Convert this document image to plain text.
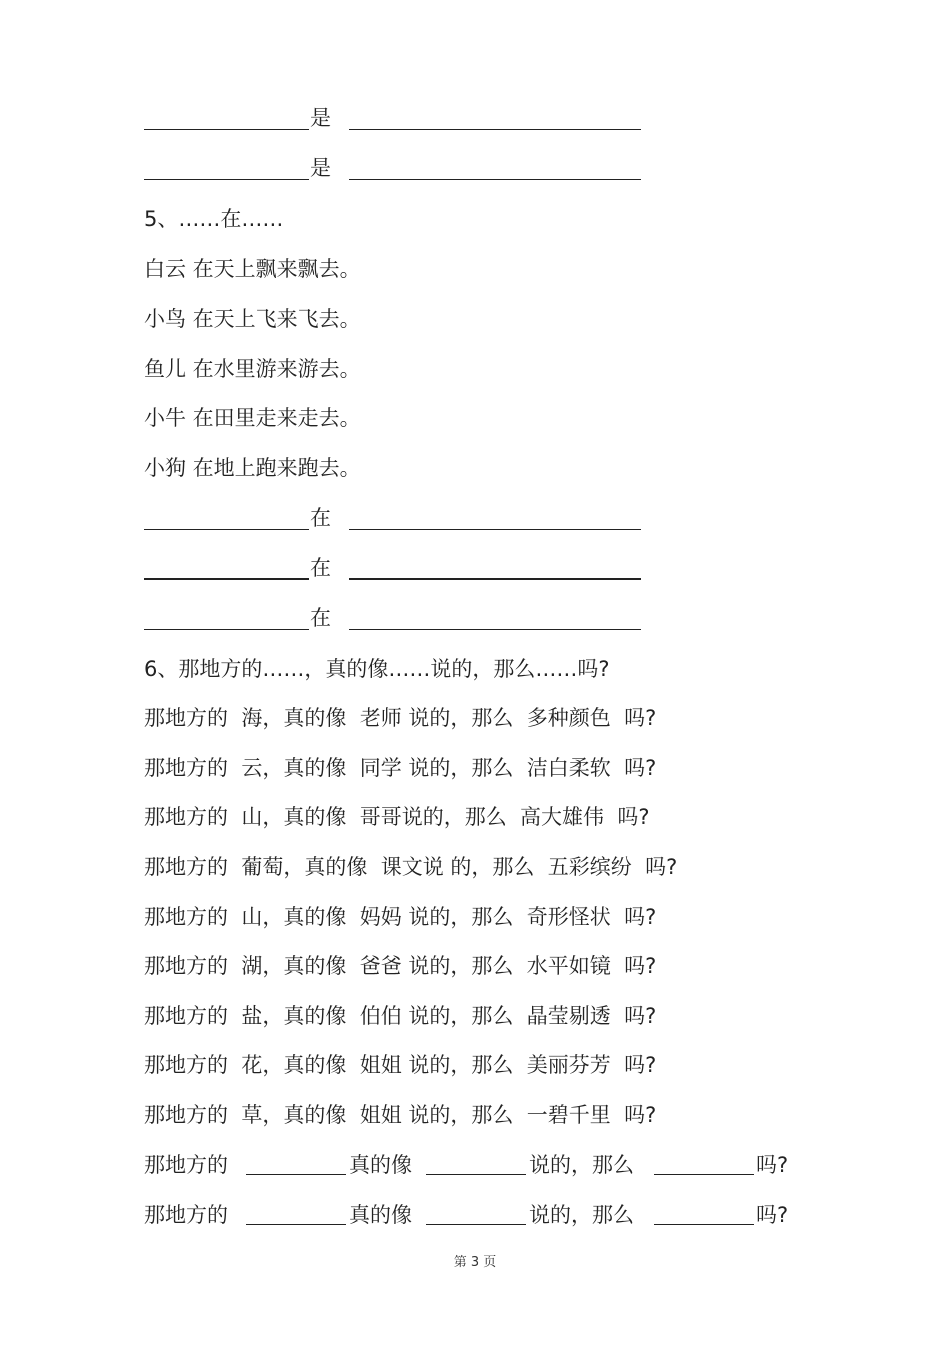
是
是
5、……在……
白云 在天上飘来飘去。
小鸟 在天上飞来飞去。
鱼儿 在水里游来游去。
小牛 在田里走来走去。
小狗 在地上跑来跑去。
在
在
在
6、那地方的……，真的像……说的，那么……吗?
那地方的  海，真的像  老师 说的，那么  多种颜色  吗?
那地方的  云，真的像  同学 说的，那么  洁白柔软  吗?
那地方的  山，真的像  哥哥说的，那么  高大雄伟  吗?
那地方的  葡萄，真的像  课文说 的，那么  五彩缤纷  吗?
那地方的  山，真的像  妈妈 说的，那么  奇形怪状  吗?
那地方的  湖，真的像  爸爸 说的，那么  水平如镜  吗?
那地方的  盐，真的像  伯伯 说的，那么  晶莹剔透  吗?
那地方的  花，真的像  姐姐 说的，那么  美丽芬芳  吗?
那地方的  草，真的像  姐姐 说的，那么  一碧千里  吗?
那地方的	真的像	说的，那么	吗?
那地方的	真的像	说的，那么	吗?
第 3 页
